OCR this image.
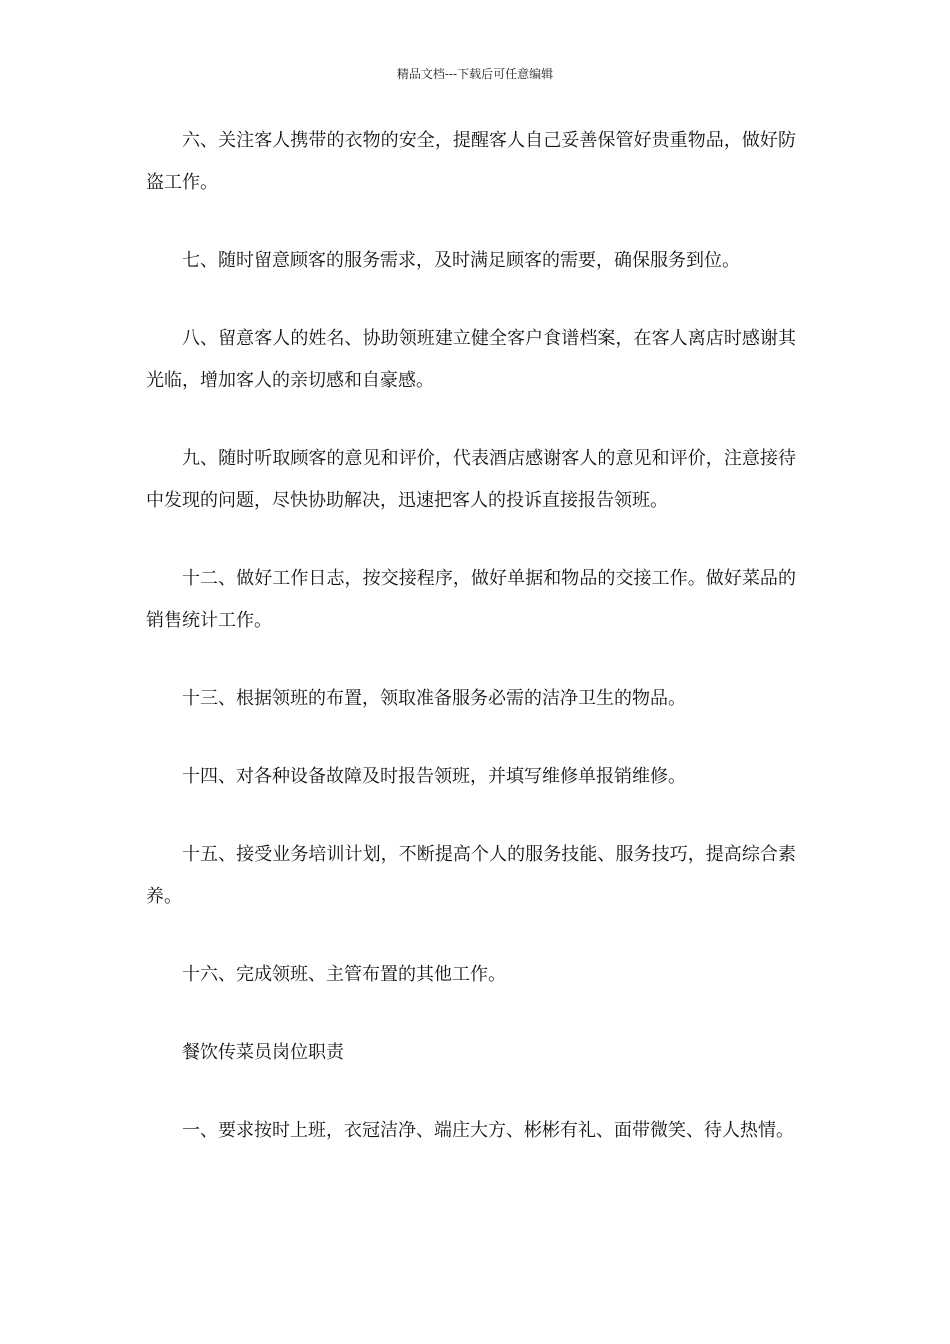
精品文档---下载后可任意编辑

六、关注客人携带的衣物的安全，提醒客人自己妥善保管好贵重物品，做好防盗工作。

七、随时留意顾客的服务需求，及时满足顾客的需要，确保服务到位。

八、留意客人的姓名、协助领班建立健全客户食谱档案，在客人离店时感谢其光临，增加客人的亲切感和自豪感。

九、随时听取顾客的意见和评价，代表酒店感谢客人的意见和评价，注意接待中发现的问题，尽快协助解决，迅速把客人的投诉直接报告领班。

十二、做好工作日志，按交接程序，做好单据和物品的交接工作。做好菜品的销售统计工作。

十三、根据领班的布置，领取准备服务必需的洁净卫生的物品。

十四、对各种设备故障及时报告领班，并填写维修单报销维修。

十五、接受业务培训计划，不断提高个人的服务技能、服务技巧，提高综合素养。

十六、完成领班、主管布置的其他工作。

餐饮传菜员岗位职责

一、要求按时上班，衣冠洁净、端庄大方、彬彬有礼、面带微笑、待人热情。
